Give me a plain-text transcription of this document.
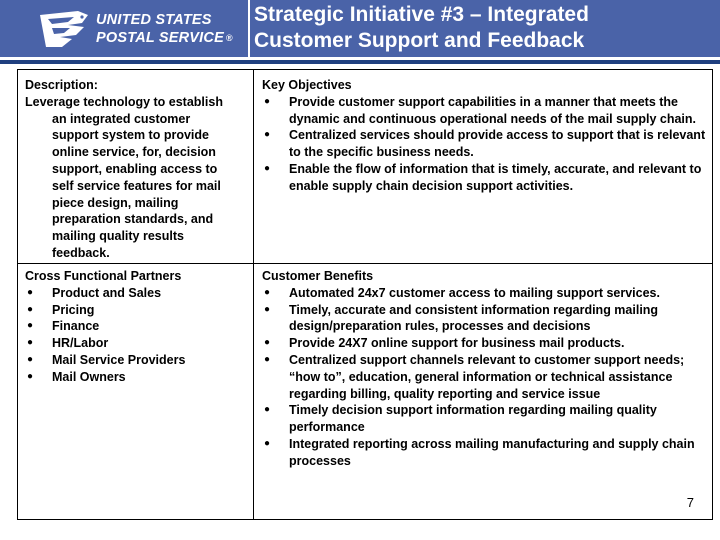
UNITED STATES
POSTAL SERVICE ®
Strategic Initiative #3 – Integrated
Customer Support and Feedback
Description:
Leverage technology to establish
an integrated customer
support system to provide
online service, for, decision
support, enabling access to
self service features for mail
piece design, mailing
preparation standards, and
mailing quality results
feedback.
Key Objectives
● Provide customer support capabilities in a manner that meets the dynamic and continuous operational needs of the mail supply chain.
● Centralized services should provide access to support that is relevant to the specific business needs.
● Enable the flow of information that is timely, accurate, and relevant to enable supply chain decision support activities.
Cross Functional Partners
● Product and Sales
● Pricing
● Finance
● HR/Labor
● Mail Service Providers
● Mail Owners
Customer Benefits
● Automated 24x7 customer access to mailing support services.
● Timely, accurate and consistent information regarding mailing design/preparation rules, processes and decisions
● Provide 24X7 online support for business mail products.
● Centralized support channels relevant to customer support needs; “how to”, education, general information or technical assistance regarding billing, quality reporting and service issue
● Timely decision support information regarding mailing quality performance
● Integrated reporting across mailing manufacturing and supply chain processes
7
